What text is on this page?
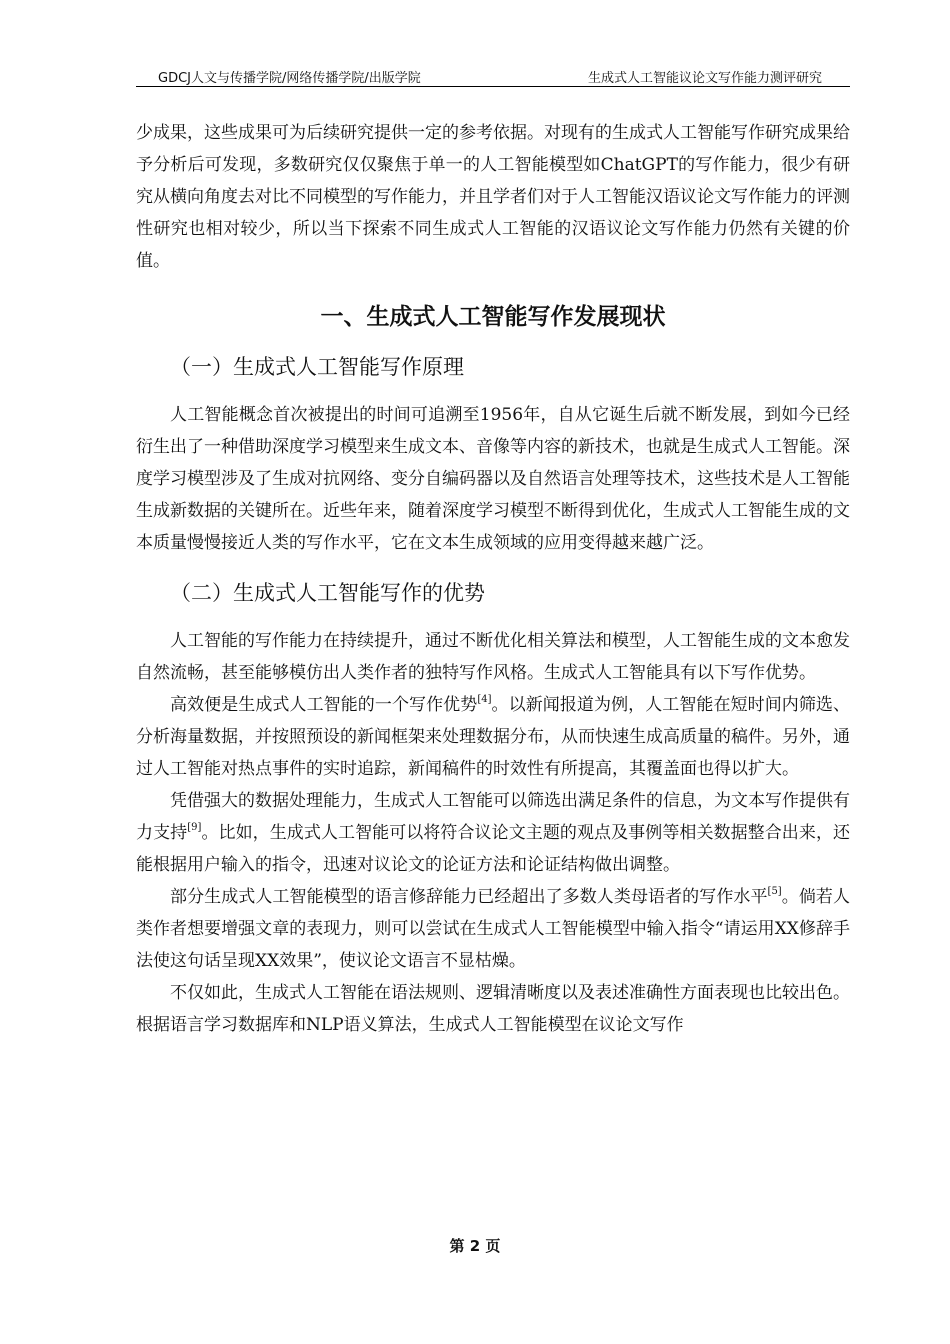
GDCJ人文与传播学院/网络传播学院/出版学院	生成式人工智能议论文写作能力测评研究

少成果，这些成果可为后续研究提供一定的参考依据。对现有的生成式人工智能写作研究成果给予分析后可发现，多数研究仅仅聚焦于单一的人工智能模型如ChatGPT的写作能力，很少有研究从横向角度去对比不同模型的写作能力，并且学者们对于人工智能汉语议论文写作能力的评测性研究也相对较少，所以当下探索不同生成式人工智能的汉语议论文写作能力仍然有关键的价值。

一、生成式人工智能写作发展现状
（一）生成式人工智能写作原理

人工智能概念首次被提出的时间可追溯至1956年，自从它诞生后就不断发展，到如今已经衍生出了一种借助深度学习模型来生成文本、音像等内容的新技术，也就是生成式人工智能。深度学习模型涉及了生成对抗网络、变分自编码器以及自然语言处理等技术，这些技术是人工智能生成新数据的关键所在。近些年来，随着深度学习模型不断得到优化，生成式人工智能生成的文本质量慢慢接近人类的写作水平，它在文本生成领域的应用变得越来越广泛。

（二）生成式人工智能写作的优势

人工智能的写作能力在持续提升，通过不断优化相关算法和模型，人工智能生成的文本愈发自然流畅，甚至能够模仿出人类作者的独特写作风格。生成式人工智能具有以下写作优势。

高效便是生成式人工智能的一个写作优势[4]。以新闻报道为例，人工智能在短时间内筛选、分析海量数据，并按照预设的新闻框架来处理数据分布，从而快速生成高质量的稿件。另外，通过人工智能对热点事件的实时追踪，新闻稿件的时效性有所提高，其覆盖面也得以扩大。

凭借强大的数据处理能力，生成式人工智能可以筛选出满足条件的信息，为文本写作提供有力支持[9]。比如，生成式人工智能可以将符合议论文主题的观点及事例等相关数据整合出来，还能根据用户输入的指令，迅速对议论文的论证方法和论证结构做出调整。

部分生成式人工智能模型的语言修辞能力已经超出了多数人类母语者的写作水平[5]。倘若人类作者想要增强文章的表现力，则可以尝试在生成式人工智能模型中输入指令“请运用XX修辞手法使这句话呈现XX效果”，使议论文语言不显枯燥。

不仅如此，生成式人工智能在语法规则、逻辑清晰度以及表述准确性方面表现也比较出色。根据语言学习数据库和NLP语义算法，生成式人工智能模型在议论文写作

第 2 页
